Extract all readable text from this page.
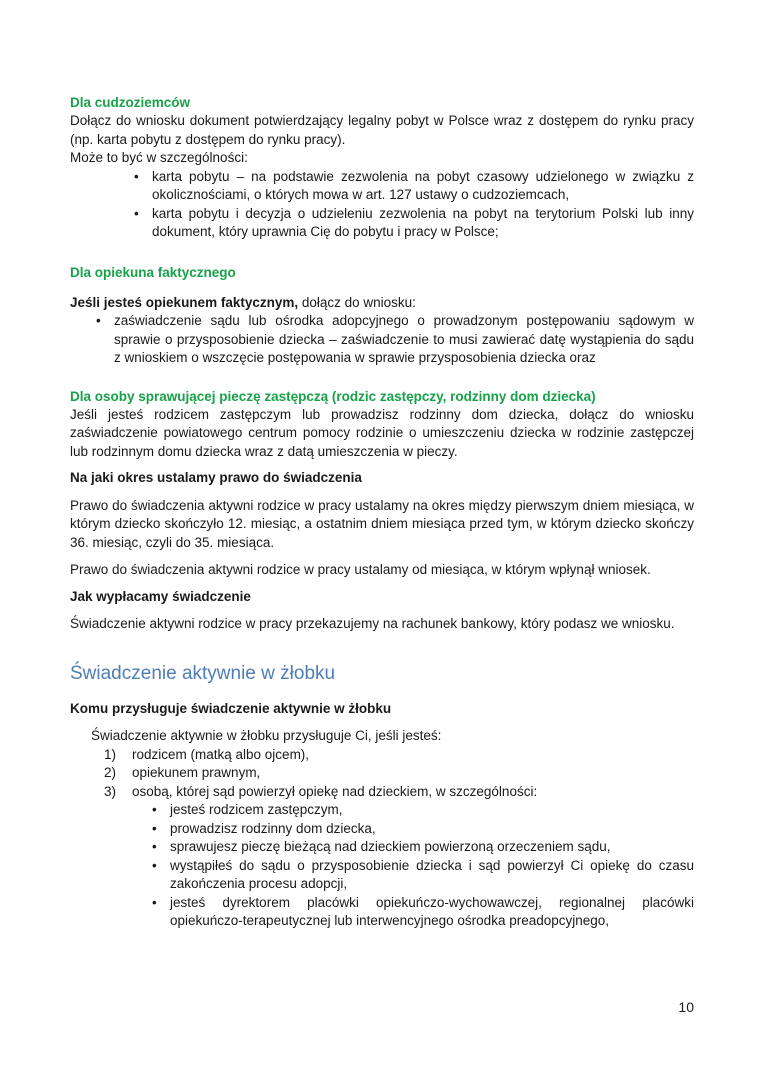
Dla cudzoziemców

Dołącz do wniosku dokument potwierdzający legalny pobyt w Polsce wraz z dostępem do rynku pracy (np. karta pobytu z dostępem do rynku pracy).

Może to być w szczególności:

• karta pobytu – na podstawie zezwolenia na pobyt czasowy udzielonego w związku z okolicznościami, o których mowa w art. 127 ustawy o cudzoziemcach,
• karta pobytu i decyzja o udzieleniu zezwolenia na pobyt na terytorium Polski lub inny dokument, który uprawnia Cię do pobytu i pracy w Polsce;
Dla opiekuna faktycznego

Jeśli jesteś opiekunem faktycznym, dołącz do wniosku:

• zaświadczenie sądu lub ośrodka adopcyjnego o prowadzonym postępowaniu sądowym w sprawie o przysposobienie dziecka – zaświadczenie to musi zawierać datę wystąpienia do sądu z wnioskiem o wszczęcie postępowania w sprawie przysposobienia dziecka oraz
Dla osoby sprawującej pieczę zastępczą (rodzic zastępczy, rodzinny dom dziecka)

Jeśli jesteś rodzicem zastępczym lub prowadzisz rodzinny dom dziecka, dołącz do wniosku zaświadczenie powiatowego centrum pomocy rodzinie o umieszczeniu dziecka w rodzinie zastępczej lub rodzinnym domu dziecka wraz z datą umieszczenia w pieczy.

Na jaki okres ustalamy prawo do świadczenia

Prawo do świadczenia aktywni rodzice w pracy ustalamy na okres między pierwszym dniem miesiąca, w którym dziecko skończyło 12. miesiąc, a ostatnim dniem miesiąca przed tym, w którym dziecko skończy 36. miesiąc, czyli do 35. miesiąca.

Prawo do świadczenia aktywni rodzice w pracy ustalamy od miesiąca, w którym wpłynął wniosek.

Jak wypłacamy świadczenie

Świadczenie aktywni rodzice w pracy przekazujemy na rachunek bankowy, który podasz we wniosku.

Świadczenie aktywnie w żłobku

Komu przysługuje świadczenie aktywnie w żłobku

Świadczenie aktywnie w żłobku przysługuje Ci, jeśli jesteś:

1)	rodzicem (matką albo ojcem),
2)	opiekunem prawnym,
3)	osobą, której sąd powierzył opiekę nad dzieckiem, w szczególności:
• jesteś rodzicem zastępczym,
• prowadzisz rodzinny dom dziecka,
• sprawujesz pieczę bieżącą nad dzieckiem powierzoną orzeczeniem sądu,
• wystąpiłeś do sądu o przysposobienie dziecka i sąd powierzył Ci opiekę do czasu zakończenia procesu adopcji,
• jesteś dyrektorem placówki opiekuńczo-wychowawczej, regionalnej placówki opiekuńczo-terapeutycznej lub interwencyjnego ośrodka preadopcyjnego,
10
